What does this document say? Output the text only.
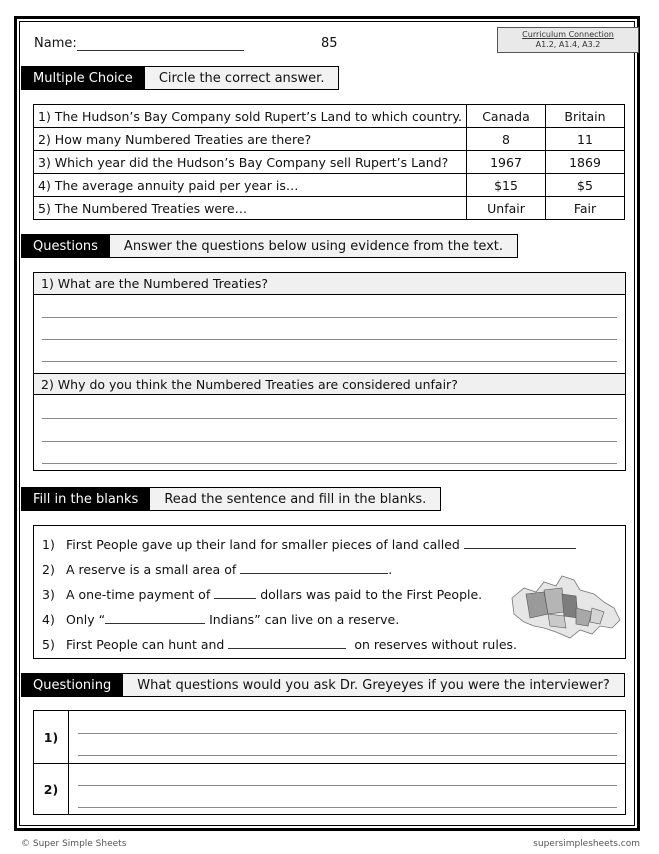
Name:	85
Curriculum Connection
A1.2, A1.4, A3.2
Multiple Choice	Circle the correct answer.
1) The Hudson’s Bay Company sold Rupert’s Land to which country.	Canada	Britain
2) How many Numbered Treaties are there?	8	11
3) Which year did the Hudson’s Bay Company sell Rupert’s Land?	1967	1869
4) The average annuity paid per year is…	$15	$5
5) The Numbered Treaties were…	Unfair	Fair
Questions	Answer the questions below using evidence from the text.
1) What are the Numbered Treaties?
2) Why do you think the Numbered Treaties are considered unfair?
Fill in the blanks	Read the sentence and fill in the blanks.
1) First People gave up their land for smaller pieces of land called
2) A reserve is a small area of	.
3) A one-time payment of	dollars was paid to the First People.
4) Only “	Indians” can live on a reserve.
5) First People can hunt and	on reserves without rules.
Questioning	What questions would you ask Dr. Greyeyes if you were the interviewer?
1)
2)
© Super Simple Sheets	supersimplesheets.com
